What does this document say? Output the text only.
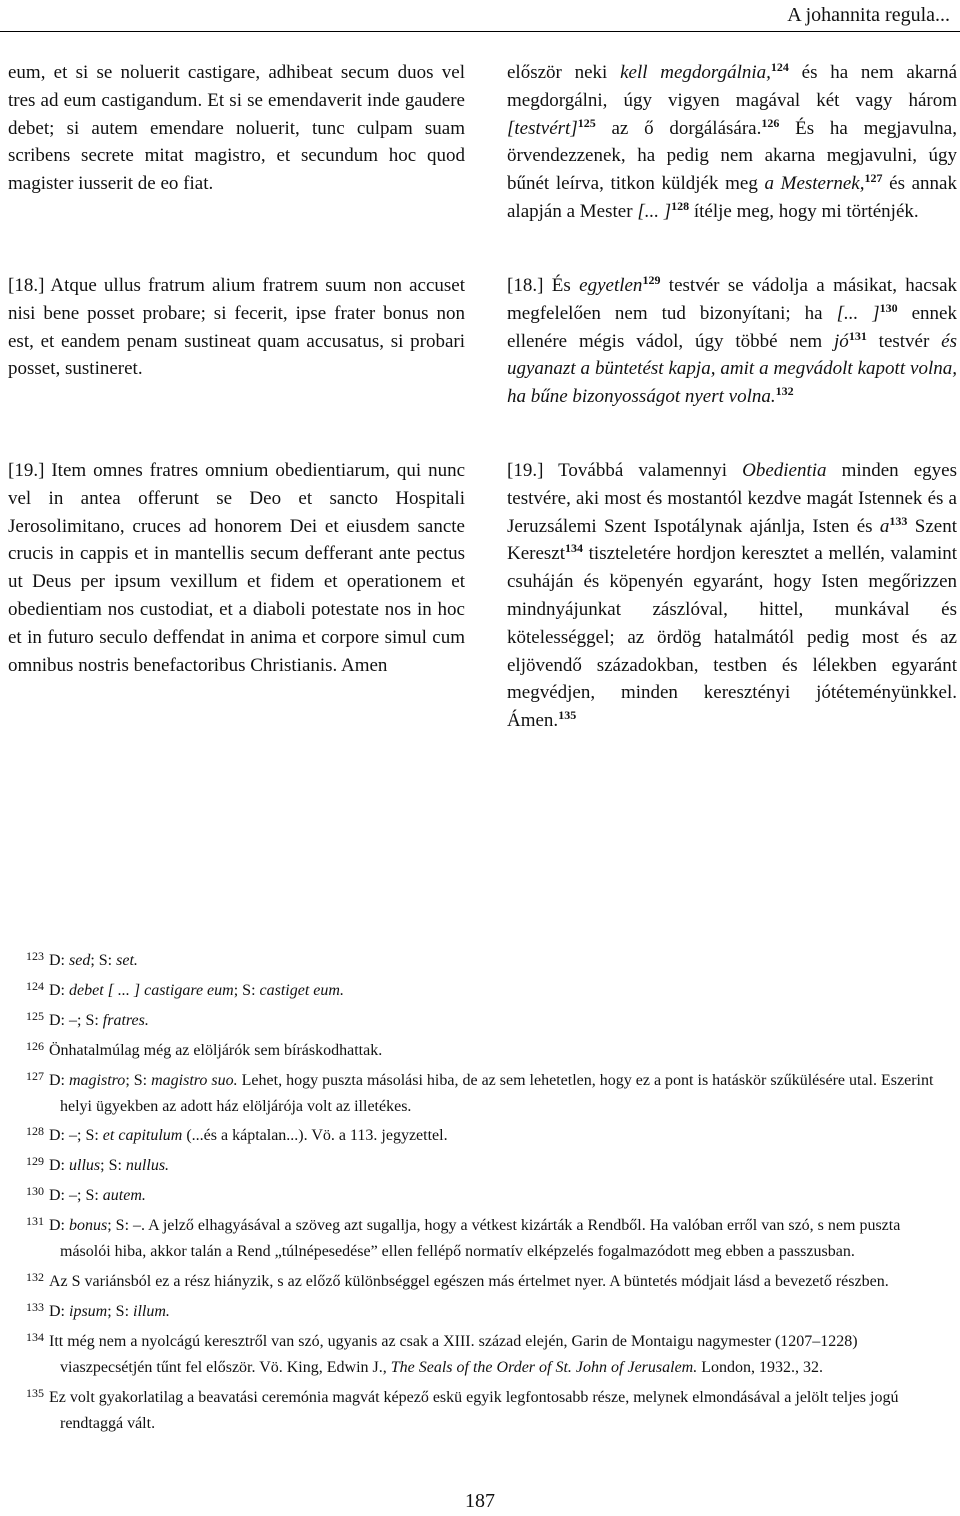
A johannita regula...

eum, et si se noluerit castigare, adhibeat secum duos vel tres ad eum castigandum. Et si se emendaverit inde gaudere debet; si autem emendare noluerit, tunc culpam suam scribens secrete mitat magistro, et secundum hoc quod magister iusserit de eo fiat.

[18.] Atque ullus fratrum alium fratrem suum non accuset nisi bene posset probare; si fecerit, ipse frater bonus non est, et eandem penam sustineat quam accusatus, si probari posset, sustineret.

[19.] Item omnes fratres omnium obedientiarum, qui nunc vel in antea offerunt se Deo et sancto Hospitali Jerosolimitano, cruces ad honorem Dei et eiusdem sancte crucis in cappis et in mantellis secum defferant ante pectus ut Deus per ipsum vexillum et fidem et operationem et obedientiam nos custodiat, et a diaboli potestate nos in hoc et in futuro seculo deffendat in anima et corpore simul cum omnibus nostris benefactoribus Christianis. Amen

először neki kell megdorgálnia,$^{124}$ és ha nem akarná megdorgálni, úgy vigyen magával két vagy három [testvért]$^{125}$ az ő dorgálására.$^{126}$ És ha megjavulna, örvendezzenek, ha pedig nem akarna megjavulni, úgy bűnét leírva, titkon küldjék meg a Mesternek,$^{127}$ és annak alapján a Mester [... ]$^{128}$ ítélje meg, hogy mi történjék.

[18.] És egyetlen$^{129}$ testvér se vádolja a másikat, hacsak megfelelően nem tud bizonyítani; ha [... ]$^{130}$ ennek ellenére mégis vádol, úgy többé nem $jó^{131}$ testvér és ugyanazt a büntetést kapja, amit a megvádolt kapott volna, ha bűne bizonyosságot nyert volna.$^{132}$

[19.] Továbbá valamennyi Obedientia minden egyes testvére, aki most és mostantól kezdve magát Istennek és a Jeruzsálemi Szent Ispotálynak ajánlja, Isten és $a^{133}$ Szent Kereszt$^{134}$ tiszteletére hordjon keresztet a mellén, valamint csuháján és köpenyén egyaránt, hogy Isten megőrizzen mindnyájunkat zászlóval, hittel, munkával és kötelességgel; az ördög hatalmától pedig most és az eljövendő századokban, testben és lélekben egyaránt megvédjen, minden keresztényi jótéteményünkkel. Ámen.$^{135}$

$^{123}$ D: sed; S: set.

$^{124}$ D: debet [ ... ] castigare eum; S: castiget eum.

$^{125}$ D: –; S: fratres.

$^{126}$ Önhatalmúlag még az elöljárók sem bíráskodhattak.

$^{127}$ D: magistro; S: magistro suo. Lehet, hogy puszta másolási hiba, de az sem lehetetlen, hogy ez a pont is hatáskör szűkülésére utal. Eszerint helyi ügyekben az adott ház elöljárója volt az illetékes.

$^{128}$ D: –; S: et capitulum (...és a káptalan...). Vö. a 113. jegyzettel.

$^{129}$ D: ullus; S: nullus.

$^{130}$ D: –; S: autem.

$^{131}$ D: bonus; S: –. A jelző elhagyásával a szöveg azt sugallja, hogy a vétkest kizárták a Rendből. Ha valóban erről van szó, s nem puszta másolói hiba, akkor talán a Rend „túlnépesedése” ellen fellépő normatív elképzelés fogalmazódott meg ebben a passzusban.

$^{132}$ Az S variánsból ez a rész hiányzik, s az előző különbséggel egészen más értelmet nyer. A büntetés módjait lásd a bevezető részben.

$^{133}$ D: ipsum; S: illum.

$^{134}$ Itt még nem a nyolcágú keresztről van szó, ugyanis az csak a XIII. század elején, Garin de Montaigu nagymester (1207–1228) viaszpecsétjén tűnt fel először. Vö. King, Edwin J., The Seals of the Order of St. John of Jerusalem. London, 1932., 32.

$^{135}$ Ez volt gyakorlatilag a beavatási ceremónia magvát képező eskü egyik legfontosabb része, melynek elmondásával a jelölt teljes jogú rendtaggá vált.

187
